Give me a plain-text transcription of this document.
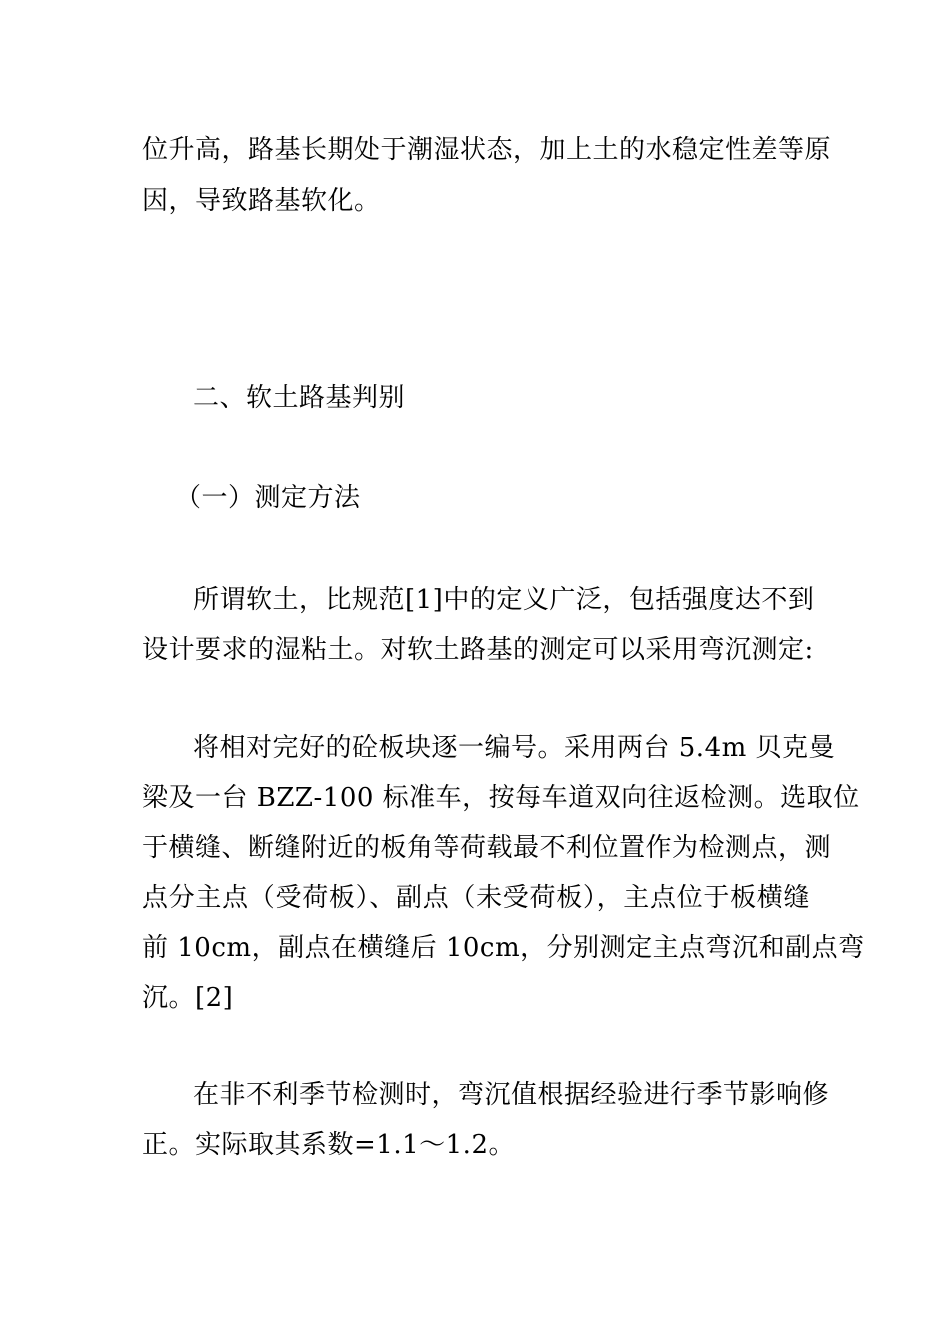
位升高，路基长期处于潮湿状态，加上土的水稳定性差等原
因，导致路基软化。
二、软土路基判别
（一）测定方法
所谓软土，比规范[1]中的定义广泛，包括强度达不到
设计要求的湿粘土。对软土路基的测定可以采用弯沉测定:
将相对完好的砼板块逐一编号。采用两台 5.4m 贝克曼
梁及一台 BZZ-100 标准车，按每车道双向往返检测。选取位
于横缝、断缝附近的板角等荷载最不利位置作为检测点，测
点分主点（受荷板）、副点（未受荷板），主点位于板横缝
前 10cm，副点在横缝后 10cm，分别测定主点弯沉和副点弯
沉。[2]
在非不利季节检测时，弯沉值根据经验进行季节影响修
正。实际取其系数=1.1～1.2。
